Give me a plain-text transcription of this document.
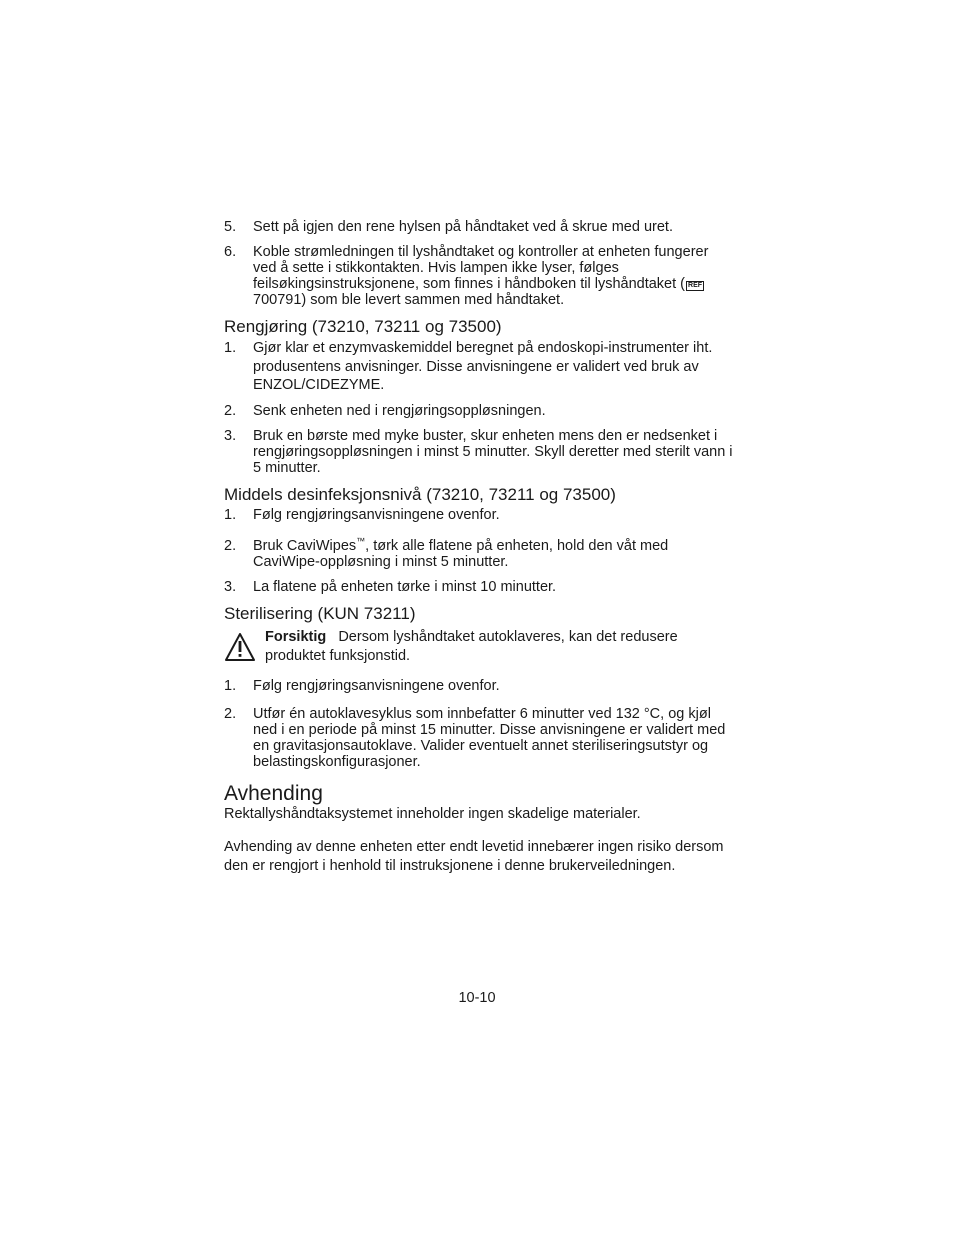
5. Sett på igjen den rene hylsen på håndtaket ved å skrue med uret.
6. Koble strømledningen til lyshåndtaket og kontroller at enheten fungerer ved å sette i stikkontakten. Hvis lampen ikke lyser, følges feilsøkingsinstruksjonene, som finnes i håndboken til lyshåndtaket ( REF 700791) som ble levert sammen med håndtaket.
Rengjøring (73210, 73211 og 73500)
1. Gjør klar et enzymvaskemiddel beregnet på endoskopi-instrumenter iht. produsentens anvisninger. Disse anvisningene er validert ved bruk av ENZOL/CIDEZYME.
2. Senk enheten ned i rengjøringsoppløsningen.
3. Bruk en børste med myke buster, skur enheten mens den er nedsenket i rengjøringsoppløsningen i minst 5 minutter. Skyll deretter med sterilt vann i 5 minutter.
Middels desinfeksjonsnivå (73210, 73211 og 73500)
1. Følg rengjøringsanvisningene ovenfor.
2. Bruk CaviWipes™, tørk alle flatene på enheten, hold den våt med CaviWipe-oppløsning i minst 5 minutter.
3. La flatene på enheten tørke i minst 10 minutter.
Sterilisering (KUN 73211)
Forsiktig Dersom lyshåndtaket autoklaveres, kan det redusere produktet funksjonstid.
1. Følg rengjøringsanvisningene ovenfor.
2. Utfør én autoklavesyklus som innbefatter 6 minutter ved 132 °C, og kjøl ned i en periode på minst 15 minutter. Disse anvisningene er validert med en gravitasjonsautoklave. Valider eventuelt annet steriliseringsutstyr og belastingskonfigurasjoner.
Avhending
Rektallyshåndtaksystemet inneholder ingen skadelige materialer.
Avhending av denne enheten etter endt levetid innebærer ingen risiko dersom den er rengjort i henhold til instruksjonene i denne brukerveiledningen.
10-10
